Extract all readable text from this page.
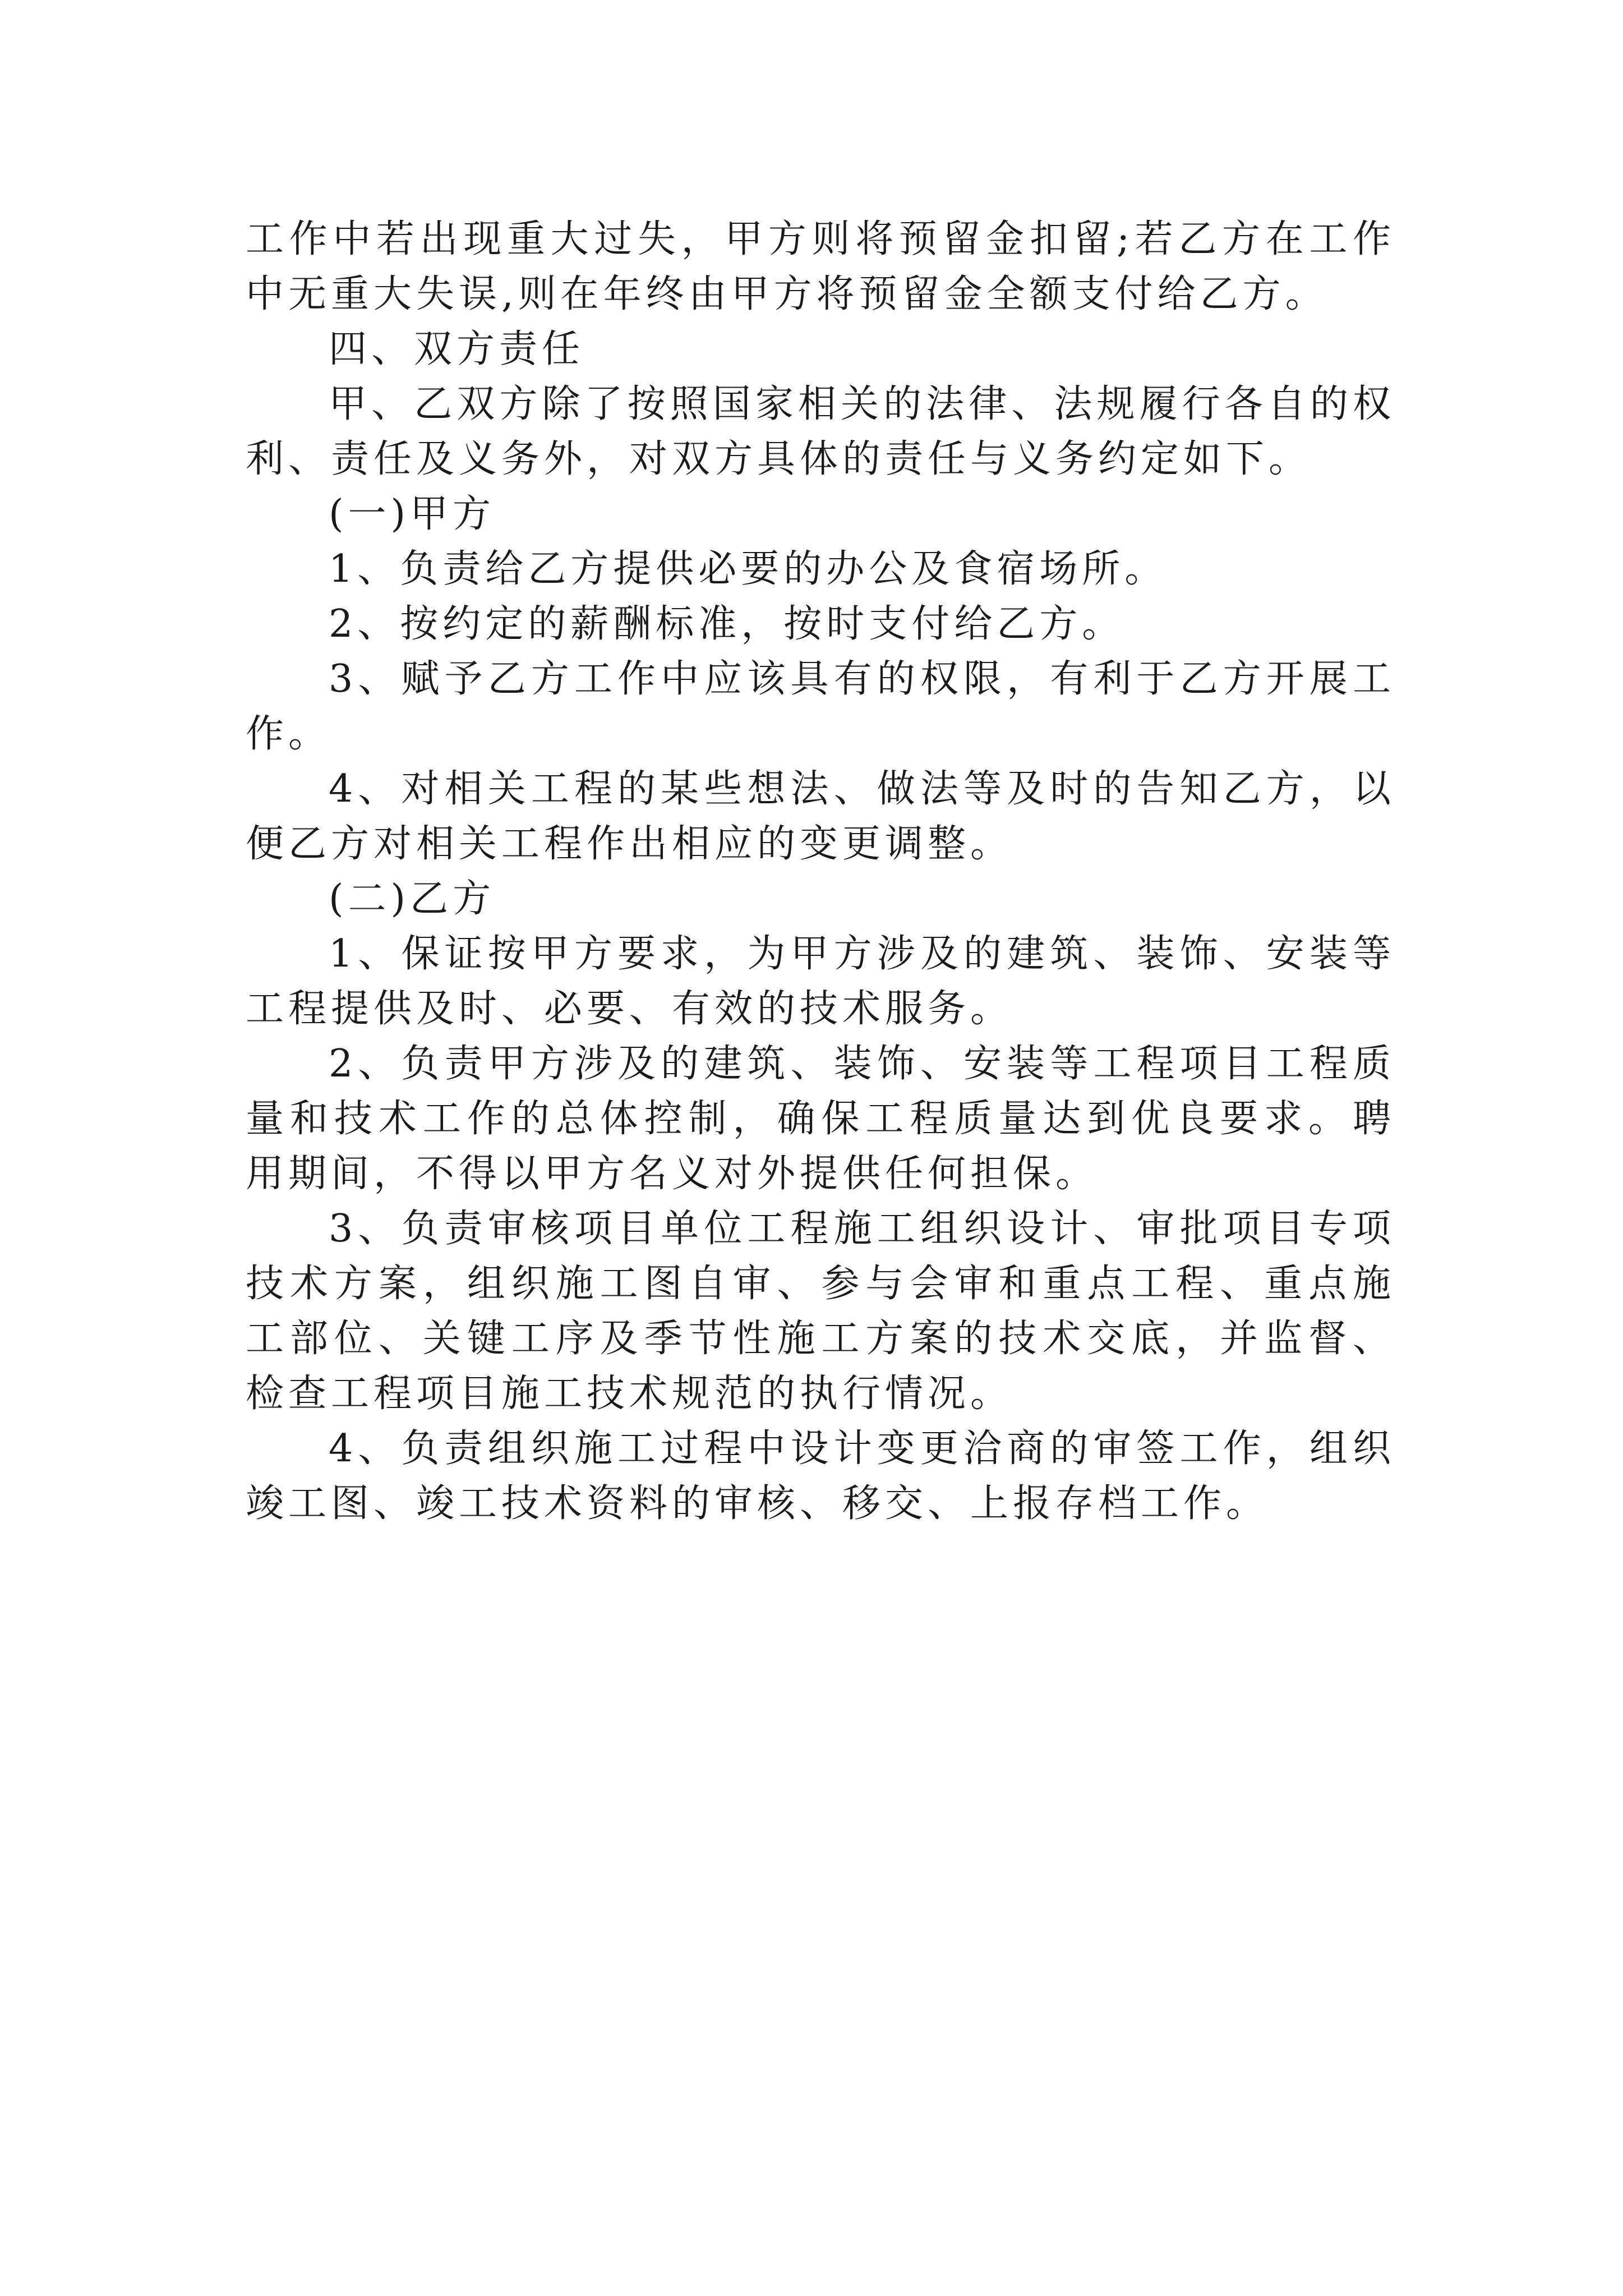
工作中若出现重大过失，甲方则将预留金扣留;若乙方在工作中无重大失误,则在年终由甲方将预留金全额支付给乙方。

四、双方责任

甲、乙双方除了按照国家相关的法律、法规履行各自的权利、责任及义务外，对双方具体的责任与义务约定如下。

(一)甲方

1、负责给乙方提供必要的办公及食宿场所。

2、按约定的薪酬标准，按时支付给乙方。

3、赋予乙方工作中应该具有的权限，有利于乙方开展工作。

4、对相关工程的某些想法、做法等及时的告知乙方，以便乙方对相关工程作出相应的变更调整。

(二)乙方

1、保证按甲方要求，为甲方涉及的建筑、装饰、安装等工程提供及时、必要、有效的技术服务。

2、负责甲方涉及的建筑、装饰、安装等工程项目工程质量和技术工作的总体控制，确保工程质量达到优良要求。聘用期间，不得以甲方名义对外提供任何担保。

3、负责审核项目单位工程施工组织设计、审批项目专项技术方案，组织施工图自审、参与会审和重点工程、重点施工部位、关键工序及季节性施工方案的技术交底，并监督、检查工程项目施工技术规范的执行情况。

4、负责组织施工过程中设计变更洽商的审签工作，组织竣工图、竣工技术资料的审核、移交、上报存档工作。
